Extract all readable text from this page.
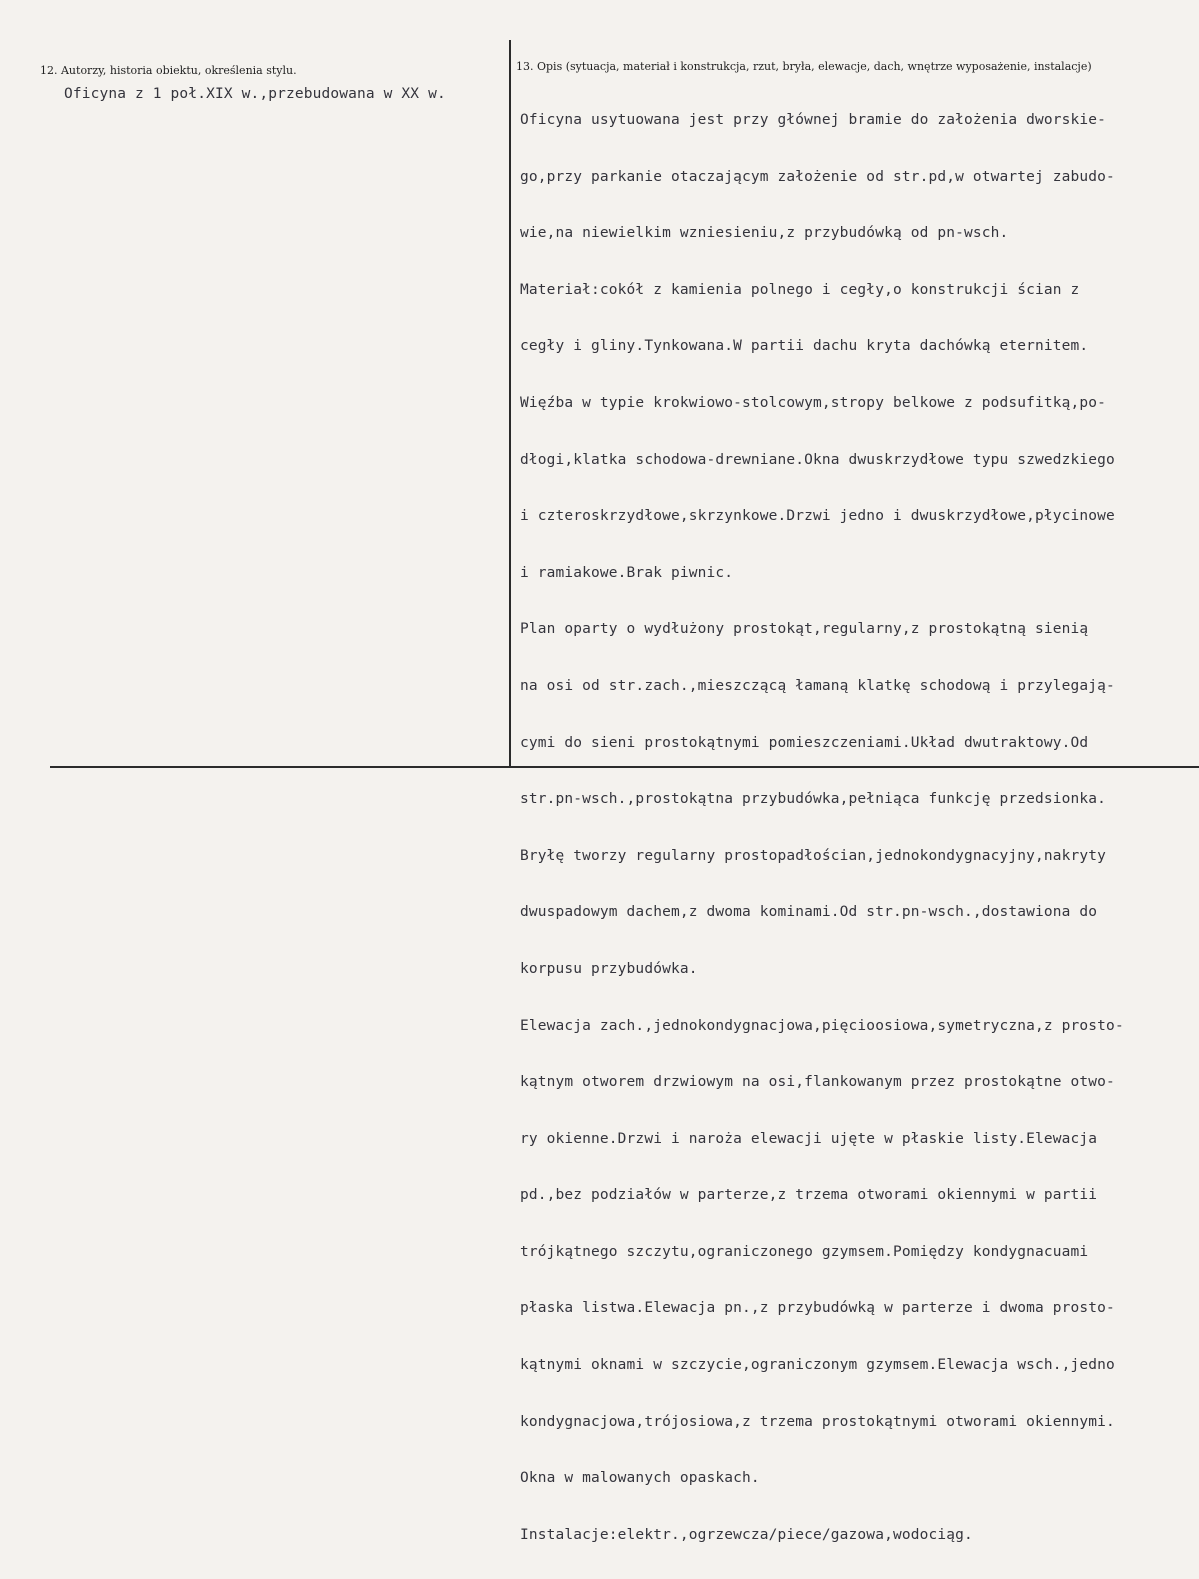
12. Autorzy, historia obiektu, określenia stylu.
Oficyna z 1 poł.XIX w.,przebudowana w XX w.
13. Opis (sytuacja, materiał i konstrukcja, rzut, bryła, elewacje, dach, wnętrze wyposażenie, instalacje)

Oficyna usytuowana jest przy głównej bramie do założenia dworskie-

go,przy parkanie otaczającym założenie od str.pd,w otwartej zabudo-

wie,na niewielkim wzniesieniu,z przybudówką od pn-wsch.

Materiał:cokół z kamienia polnego i cegły,o konstrukcji ścian z

cegły i gliny.Tynkowana.W partii dachu kryta dachówką eternitem.

Więźba w typie krokwiowo-stolcowym,stropy belkowe z podsufitką,po-

dłogi,klatka schodowa-drewniane.Okna dwuskrzydłowe typu szwedzkiego

i czteroskrzydłowe,skrzynkowe.Drzwi jedno i dwuskrzydłowe,płycinowe

i ramiakowe.Brak piwnic.

Plan oparty o wydłużony prostokąt,regularny,z prostokątną sienią

na osi od str.zach.,mieszczącą łamaną klatkę schodową i przylegają-

cymi do sieni prostokątnymi pomieszczeniami.Układ dwutraktowy.Od

str.pn-wsch.,prostokątna przybudówka,pełniąca funkcję przedsionka.

Bryłę tworzy regularny prostopadłościan,jednokondygnacyjny,nakryty

dwuspadowym dachem,z dwoma kominami.Od str.pn-wsch.,dostawiona do

korpusu przybudówka.

Elewacja zach.,jednokondygnacjowa,pięcioosiowa,symetryczna,z prosto-

kątnym otworem drzwiowym na osi,flankowanym przez prostokątne otwo-

ry okienne.Drzwi i naroża elewacji ujęte w płaskie listy.Elewacja

pd.,bez podziałów w parterze,z trzema otworami okiennymi w partii

trójkątnego szczytu,ograniczonego gzymsem.Pomiędzy kondygnacuami

płaska listwa.Elewacja pn.,z przybudówką w parterze i dwoma prosto-

kątnymi oknami w szczycie,ograniczonym gzymsem.Elewacja wsch.,jedno

kondygnacjowa,trójosiowa,z trzema prostokątnymi otworami okiennymi.

Okna w malowanych opaskach.

Instalacje:elektr.,ogrzewcza/piece/gazowa,wodociąg.
